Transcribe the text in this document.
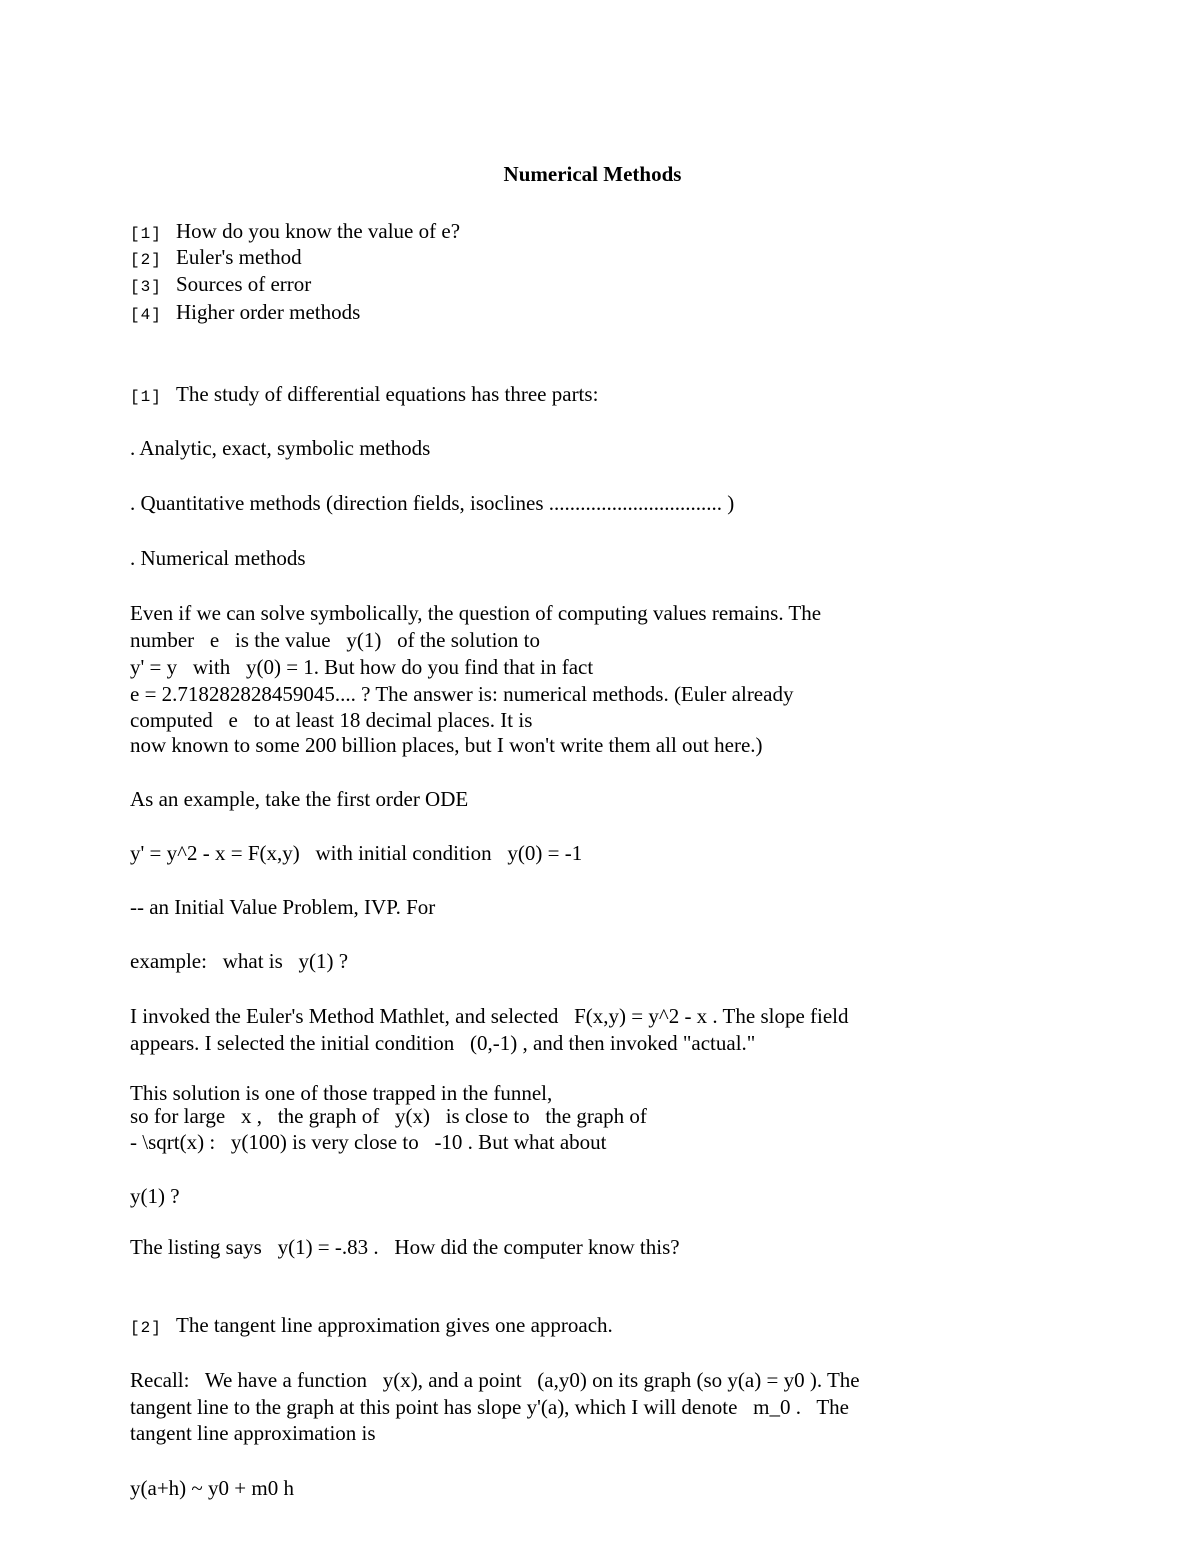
Numerical Methods
[1] How do you know the value of e?
[2] Euler's method
[3] Sources of error
[4] Higher order methods
[1] The study of differential equations has three parts:
. Analytic, exact, symbolic methods
. Quantitative methods (direction fields, isoclines ................................. )
. Numerical methods
Even if we can solve symbolically, the question of computing values remains. The
number   e   is the value   y(1)   of the solution to
y' = y   with   y(0) = 1. But how do you find that in fact
e = 2.718282828459045.... ? The answer is: numerical methods. (Euler already
computed   e   to at least 18 decimal places. It is
now known to some 200 billion places, but I won't write them all out here.)
As an example, take the first order ODE
y' = y^2 - x = F(x,y)   with initial condition   y(0) = -1
-- an Initial Value Problem, IVP. For
example:   what is   y(1) ?
I invoked the Euler's Method Mathlet, and selected   F(x,y) = y^2 - x . The slope field
appears. I selected the initial condition   (0,-1) , and then invoked "actual."
This solution is one of those trapped in the funnel,
so for large   x ,   the graph of   y(x)   is close to   the graph of
- \sqrt(x) :   y(100) is very close to   -10 . But what about
y(1) ?
The listing says   y(1) = -.83 .   How did the computer know this?
[2] The tangent line approximation gives one approach.
Recall:   We have a function   y(x), and a point   (a,y0) on its graph (so y(a) = y0 ). The
tangent line to the graph at this point has slope y'(a), which I will denote   m_0 .   The
tangent line approximation is
y(a+h) ~ y0 + m0 h
